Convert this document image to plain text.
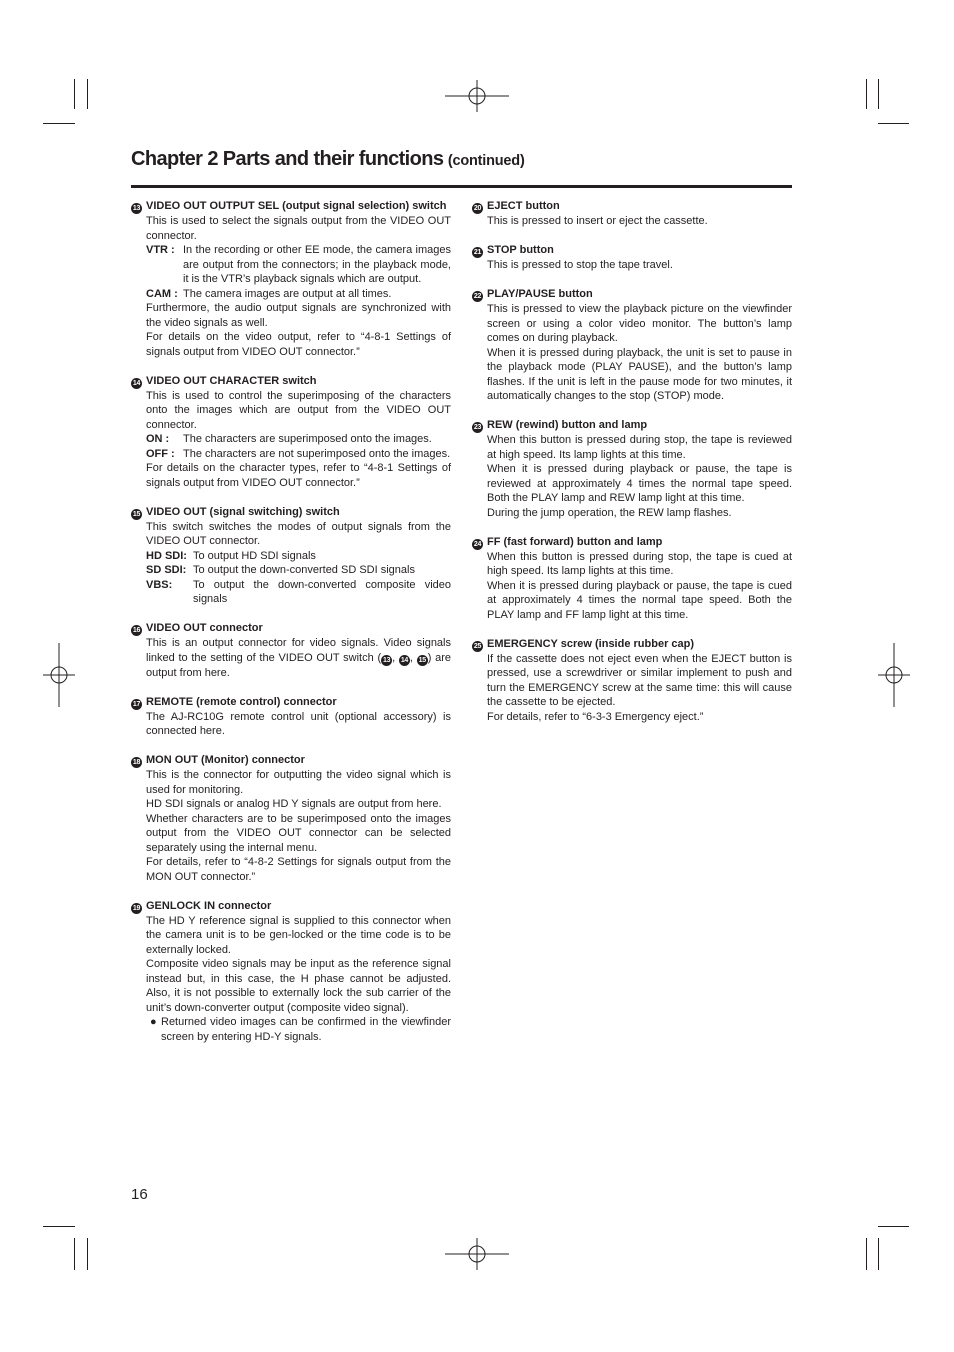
Chapter 2 Parts and their functions (continued)
13 VIDEO OUT OUTPUT SEL (output signal selection) switch
This is used to select the signals output from the VIDEO OUT connector.
VTR : In the recording or other EE mode, the camera images are output from the connectors; in the playback mode, it is the VTR’s playback signals which are output.
CAM : The camera images are output at all times.
Furthermore, the audio output signals are synchronized with the video signals as well.
For details on the video output, refer to “4-8-1 Settings of signals output from VIDEO OUT connector.”
14 VIDEO OUT CHARACTER switch
This is used to control the superimposing of the characters onto the images which are output from the VIDEO OUT connector.
ON :	The characters are superimposed onto the images.
OFF : The characters are not superimposed onto the images.
For details on the character types, refer to “4-8-1 Settings of signals output from VIDEO OUT connector.”
15 VIDEO OUT (signal switching) switch
This switch switches the modes of output signals from the VIDEO OUT connector.
HD SDI: To output HD SDI signals
SD SDI: To output the down-converted SD SDI signals
VBS:	To output the down-converted composite video signals
16 VIDEO OUT connector
This is an output connector for video signals. Video signals linked to the setting of the VIDEO OUT switch ( 13 , 14 , 15 ) are output from here.
17 REMOTE (remote control) connector
The AJ-RC10G remote control unit (optional accessory) is connected here.
18 MON OUT (Monitor) connector
This is the connector for outputting the video signal which is used for monitoring.
HD SDI signals or analog HD Y signals are output from here.
Whether characters are to be superimposed onto the images output from the VIDEO OUT connector can be selected separately using the internal menu.
For details, refer to “4-8-2 Settings for signals output from the MON OUT connector.”
19 GENLOCK IN connector
The HD Y reference signal is supplied to this connector when the camera unit is to be gen-locked or the time code is to be externally locked.
Composite video signals may be input as the reference signal instead but, in this case, the H phase cannot be adjusted. Also, it is not possible to externally lock the sub carrier of the unit’s down-converter output (composite video signal).
● Returned video images can be confirmed in the viewfinder screen by entering HD-Y signals.
20 EJECT button
This is pressed to insert or eject the cassette.
21 STOP button
This is pressed to stop the tape travel.
22 PLAY/PAUSE button
This is pressed to view the playback picture on the viewfinder screen or using a color video monitor. The button’s lamp comes on during playback.
When it is pressed during playback, the unit is set to pause in the playback mode (PLAY PAUSE), and the button’s lamp flashes. If the unit is left in the pause mode for two minutes, it automatically changes to the stop (STOP) mode.
23 REW (rewind) button and lamp
When this button is pressed during stop, the tape is reviewed at high speed. Its lamp lights at this time.
When it is pressed during playback or pause, the tape is reviewed at approximately 4 times the normal tape speed. Both the PLAY lamp and REW lamp light at this time.
During the jump operation, the REW lamp flashes.
24 FF (fast forward) button and lamp
When this button is pressed during stop, the tape is cued at high speed. Its lamp lights at this time.
When it is pressed during playback or pause, the tape is cued at approximately 4 times the normal tape speed. Both the PLAY lamp and FF lamp light at this time.
25 EMERGENCY screw (inside rubber cap)
If the cassette does not eject even when the EJECT button is pressed, use a screwdriver or similar implement to push and turn the EMERGENCY screw at the same time: this will cause the cassette to be ejected.
For details, refer to “6-3-3 Emergency eject.”
16
